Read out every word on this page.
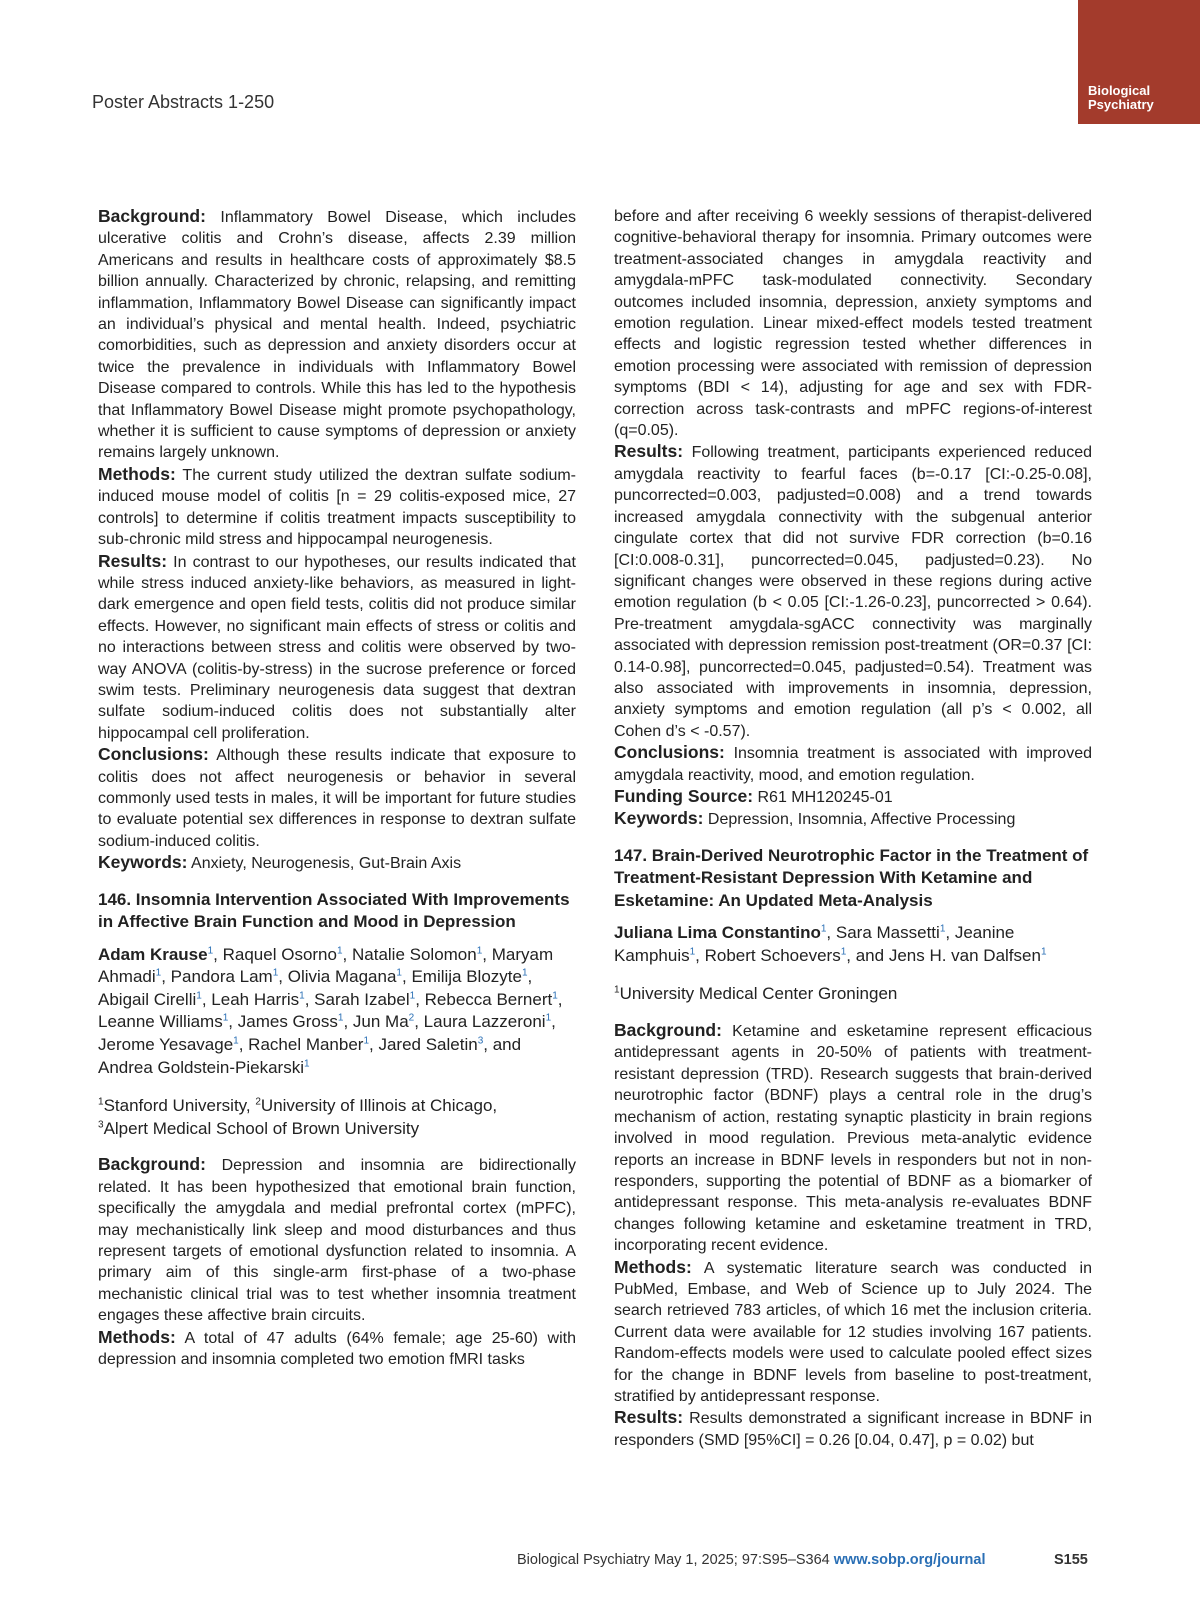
Poster Abstracts 1-250
Biological
Psychiatry

Background: Inflammatory Bowel Disease, which includes ulcerative colitis and Crohn’s disease, affects 2.39 million Americans and results in healthcare costs of approximately $8.5 billion annually. Characterized by chronic, relapsing, and remitting inflammation, Inflammatory Bowel Disease can significantly impact an individual’s physical and mental health. Indeed, psychiatric comorbidities, such as depression and anxiety disorders occur at twice the prevalence in individuals with Inflammatory Bowel Disease compared to controls. While this has led to the hypothesis that Inflammatory Bowel Disease might promote psychopathology, whether it is sufficient to cause symptoms of depression or anxiety remains largely unknown.

Methods: The current study utilized the dextran sulfate sodium-induced mouse model of colitis [n = 29 colitis-exposed mice, 27 controls] to determine if colitis treatment impacts susceptibility to sub-chronic mild stress and hippocampal neurogenesis.

Results: In contrast to our hypotheses, our results indicated that while stress induced anxiety-like behaviors, as measured in light-dark emergence and open field tests, colitis did not produce similar effects. However, no significant main effects of stress or colitis and no interactions between stress and colitis were observed by two-way ANOVA (colitis-by-stress) in the sucrose preference or forced swim tests. Preliminary neurogenesis data suggest that dextran sulfate sodium-induced colitis does not substantially alter hippocampal cell proliferation.

Conclusions: Although these results indicate that exposure to colitis does not affect neurogenesis or behavior in several commonly used tests in males, it will be important for future studies to evaluate potential sex differences in response to dextran sulfate sodium-induced colitis.

Keywords: Anxiety, Neurogenesis, Gut-Brain Axis

146. Insomnia Intervention Associated With Improvements in Affective Brain Function and Mood in Depression
Adam Krause$^1$, Raquel Osorno$^1$, Natalie Solomon$^1$, Maryam Ahmadi$^1$, Pandora Lam$^1$, Olivia Magana$^1$, Emilija Blozyte$^1$, Abigail Cirelli$^1$, Leah Harris$^1$, Sarah Izabel$^1$, Rebecca Bernert$^1$, Leanne Williams$^1$, James Gross$^1$, Jun Ma$^2$, Laura Lazzeroni$^1$, Jerome Yesavage$^1$, Rachel Manber$^1$, Jared Saletin$^3$, and Andrea Goldstein-Piekarski$^1$
$^1$Stanford University, $^2$University of Illinois at Chicago,
$^3$Alpert Medical School of Brown University

Background: Depression and insomnia are bidirectionally related. It has been hypothesized that emotional brain function, specifically the amygdala and medial prefrontal cortex (mPFC), may mechanistically link sleep and mood disturbances and thus represent targets of emotional dysfunction related to insomnia. A primary aim of this single-arm first-phase of a two-phase mechanistic clinical trial was to test whether insomnia treatment engages these affective brain circuits.

Methods: A total of 47 adults (64% female; age 25-60) with depression and insomnia completed two emotion fMRI tasks

before and after receiving 6 weekly sessions of therapist-delivered cognitive-behavioral therapy for insomnia. Primary outcomes were treatment-associated changes in amygdala reactivity and amygdala-mPFC task-modulated connectivity. Secondary outcomes included insomnia, depression, anxiety symptoms and emotion regulation. Linear mixed-effect models tested treatment effects and logistic regression tested whether differences in emotion processing were associated with remission of depression symptoms (BDI < 14), adjusting for age and sex with FDR-correction across task-contrasts and mPFC regions-of-interest (q=0.05).

Results: Following treatment, participants experienced reduced amygdala reactivity to fearful faces (b=-0.17 [CI:-0.25-0.08], puncorrected=0.003, padjusted=0.008) and a trend towards increased amygdala connectivity with the subgenual anterior cingulate cortex that did not survive FDR correction (b=0.16 [CI:0.008-0.31], puncorrected=0.045, padjusted=0.23). No significant changes were observed in these regions during active emotion regulation (b < 0.05 [CI:-1.26-0.23], puncorrected > 0.64). Pre-treatment amygdala-sgACC connectivity was marginally associated with depression remission post-treatment (OR=0.37 [CI: 0.14-0.98], puncorrected=0.045, padjusted=0.54). Treatment was also associated with improvements in insomnia, depression, anxiety symptoms and emotion regulation (all p’s < 0.002, all Cohen d’s < -0.57).

Conclusions: Insomnia treatment is associated with improved amygdala reactivity, mood, and emotion regulation.

Funding Source: R61 MH120245-01

Keywords: Depression, Insomnia, Affective Processing

147. Brain-Derived Neurotrophic Factor in the Treatment of Treatment-Resistant Depression With Ketamine and Esketamine: An Updated Meta-Analysis
Juliana Lima Constantino$^1$, Sara Massetti$^1$, Jeanine Kamphuis$^1$, Robert Schoevers$^1$, and Jens H. van Dalfsen$^1$
$^1$University Medical Center Groningen

Background: Ketamine and esketamine represent efficacious antidepressant agents in 20-50% of patients with treatment-resistant depression (TRD). Research suggests that brain-derived neurotrophic factor (BDNF) plays a central role in the drug’s mechanism of action, restating synaptic plasticity in brain regions involved in mood regulation. Previous meta-analytic evidence reports an increase in BDNF levels in responders but not in non-responders, supporting the potential of BDNF as a biomarker of antidepressant response. This meta-analysis re-evaluates BDNF changes following ketamine and esketamine treatment in TRD, incorporating recent evidence.

Methods: A systematic literature search was conducted in PubMed, Embase, and Web of Science up to July 2024. The search retrieved 783 articles, of which 16 met the inclusion criteria. Current data were available for 12 studies involving 167 patients. Random-effects models were used to calculate pooled effect sizes for the change in BDNF levels from baseline to post-treatment, stratified by antidepressant response.

Results: Results demonstrated a significant increase in BDNF in responders (SMD [95%CI] = 0.26 [0.04, 0.47], p = 0.02) but

Biological Psychiatry May 1, 2025; 97:S95–S364 www.sobp.org/journal	S155
